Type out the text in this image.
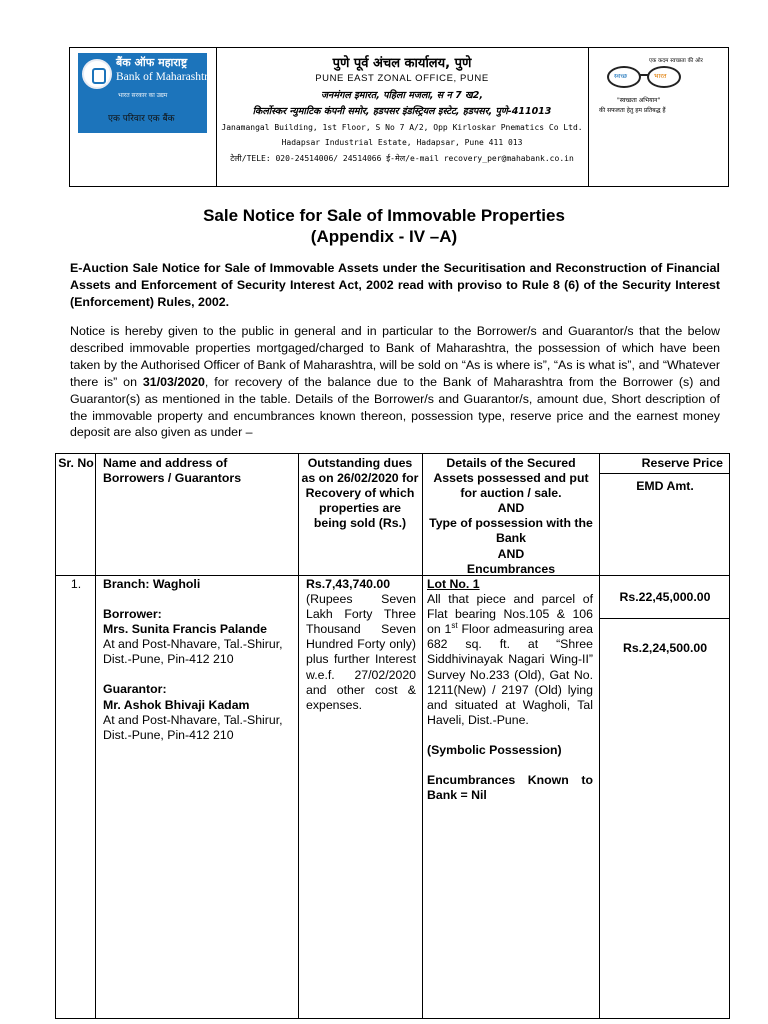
बैंक ऑफ महाराष्ट्र
Bank of Maharashtra
भारत सरकार का उद्यम
एक परिवार एक बैंक
पुणे पूर्व अंचल कार्यालय, पुणे
PUNE EAST ZONAL OFFICE, PUNE
जनमंगल इमारत, पहिला मजला, स न 7 ख2,
किर्लोस्कर न्युमाटिक कंपनी समोर, हडपसर इंडस्ट्रियल इस्टेट, हडपसर, पुणे-411013
Janamangal Building, 1st Floor, S No 7 A/2, Opp Kirloskar Pnematics Co Ltd.
Hadapsar Industrial Estate, Hadapsar, Pune 411 013
टेली/TELE: 020-24514006/ 24514066 ई-मेल/e-mail recovery_per@mahabank.co.in
एक कदम स्वच्छता की ओर
स्वच्छ	भारत
"स्वच्छता अभियान"
की सफलता हेतु हम प्रतिबद्ध हैं
Sale Notice for Sale of Immovable Properties
(Appendix - IV –A)
E-Auction Sale Notice for Sale of Immovable Assets under the Securitisation and Reconstruction of Financial Assets and Enforcement of Security Interest Act, 2002 read with proviso to Rule 8 (6) of the Security Interest (Enforcement) Rules, 2002.
Notice is hereby given to the public in general and in particular to the Borrower/s and Guarantor/s that the below described immovable properties mortgaged/charged to Bank of Maharashtra, the possession of which have been taken by the Authorised Officer of Bank of Maharashtra, will be sold on “As is where is”, “As is what is”, and “Whatever there is” on 31/03/2020, for recovery of the balance due to the Bank of Maharashtra from the Borrower (s) and Guarantor(s) as mentioned in the table. Details of the Borrower/s and Guarantor/s, amount due, Short description of the immovable property and encumbrances known thereon, possession type, reserve price and the earnest money deposit are also given as under –
Sr. No Name and address of Borrowers / Guarantors
Outstanding dues as on 26/02/2020 for Recovery of which properties are being sold (Rs.)
Details of the Secured Assets possessed and put for auction / sale.
AND
Type of possession with the Bank
AND
Encumbrances
Reserve Price
EMD Amt.
1.	Branch: Wagholi
Borrower:
Mrs. Sunita Francis Palande
At and Post-Nhavare, Tal.-Shirur, Dist.-Pune, Pin-412 210
Guarantor:
Mr. Ashok Bhivaji Kadam
At and Post-Nhavare, Tal.-Shirur, Dist.-Pune, Pin-412 210
Rs.7,43,740.00
(Rupees Seven Lakh Forty Three Thousand Seven Hundred Forty only) plus further Interest w.e.f. 27/02/2020 and other cost & expenses.
Lot No. 1
All that piece and parcel of Flat bearing Nos.105 & 106 on 1st Floor admeasuring area 682 sq. ft. at “Shree Siddhivinayak Nagari Wing-II” Survey No.233 (Old), Gat No. 1211(New) / 2197 (Old) lying and situated at Wagholi, Tal Haveli, Dist.-Pune.
(Symbolic Possession)
Encumbrances Known to Bank = Nil
Rs.22,45,000.00
Rs.2,24,500.00
